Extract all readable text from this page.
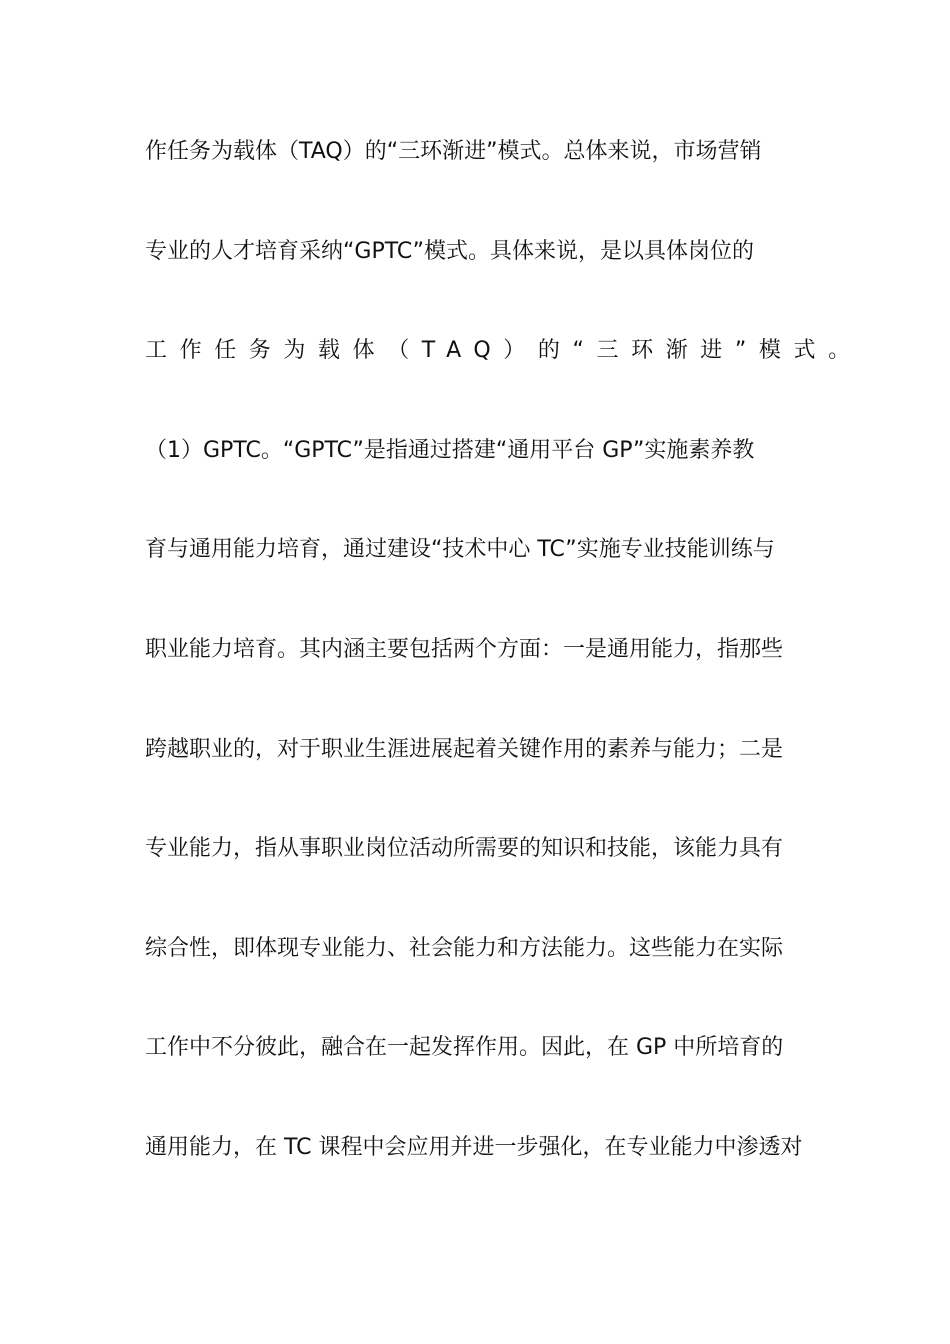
作任务为载体（TAQ）的“三环渐进”模式。总体来说，市场营销
专业的人才培育采纳“GPTC”模式。具体来说，是以具体岗位的
工作任务为载体（TAQ）的“三环渐进”模式。
（1）GPTC。“GPTC”是指通过搭建“通用平台 GP”实施素养教
育与通用能力培育，通过建设“技术中心 TC”实施专业技能训练与
职业能力培育。其内涵主要包括两个方面：一是通用能力，指那些
跨越职业的，对于职业生涯进展起着关键作用的素养与能力；二是
专业能力，指从事职业岗位活动所需要的知识和技能，该能力具有
综合性，即体现专业能力、社会能力和方法能力。这些能力在实际
工作中不分彼此，融合在一起发挥作用。因此，在 GP 中所培育的
通用能力，在 TC 课程中会应用并进一步强化，在专业能力中渗透对
